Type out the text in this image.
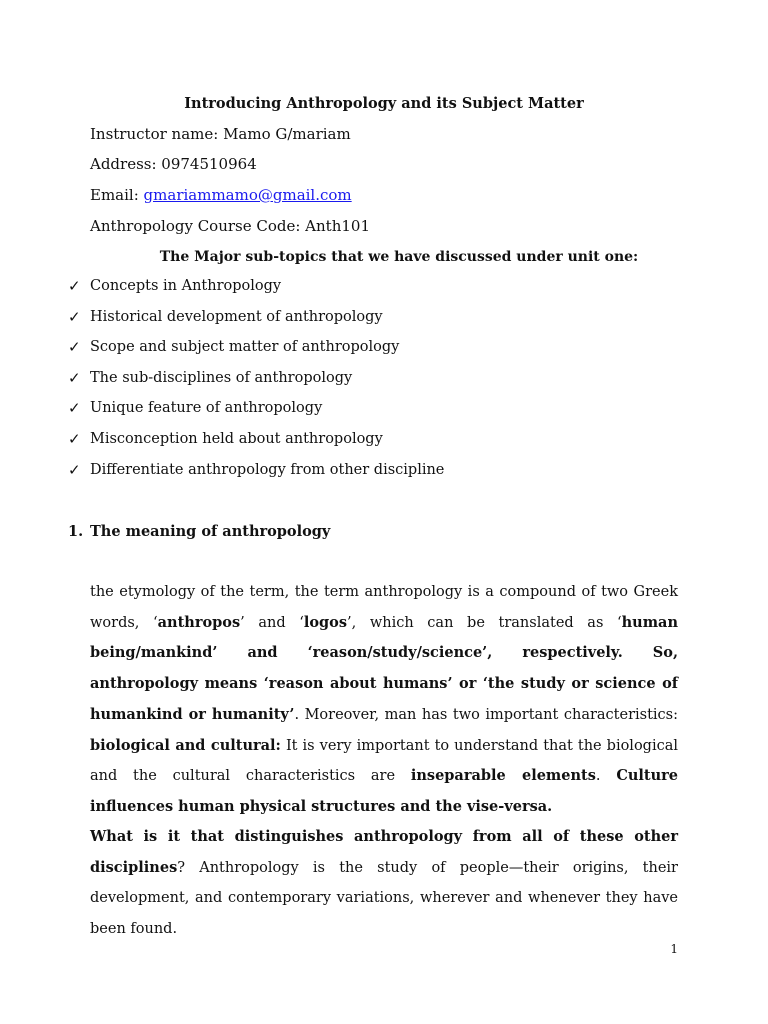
Introducing Anthropology and its Subject Matter
Instructor name: Mamo G/mariam
Address: 0974510964
Email: gmariammamo@gmail.com
Anthropology Course Code: Anth101
The Major sub-topics that we have discussed under unit one:
✓ Concepts in Anthropology
✓ Historical development of anthropology
✓ Scope and subject matter of anthropology
✓ The sub-disciplines of anthropology
✓ Unique feature of anthropology
✓ Misconception held about anthropology
✓ Differentiate anthropology from other discipline
1. The meaning of anthropology
the etymology of the term, the term anthropology is a compound of two Greek words, ‘anthropos’ and ‘logos’, which can be translated as ‘human being/mankind’ and ‘reason/study/science’, respectively. So, anthropology means ‘reason about humans’ or ‘the study or science of humankind or humanity’. Moreover, man has two important characteristics: biological and cultural: It is very important to understand that the biological and the cultural characteristics are inseparable elements. Culture influences human physical structures and the vise-versa.
What is it that distinguishes anthropology from all of these other disciplines? Anthropology is the study of people—their origins, their development, and contemporary variations, wherever and whenever they have been found.
1
